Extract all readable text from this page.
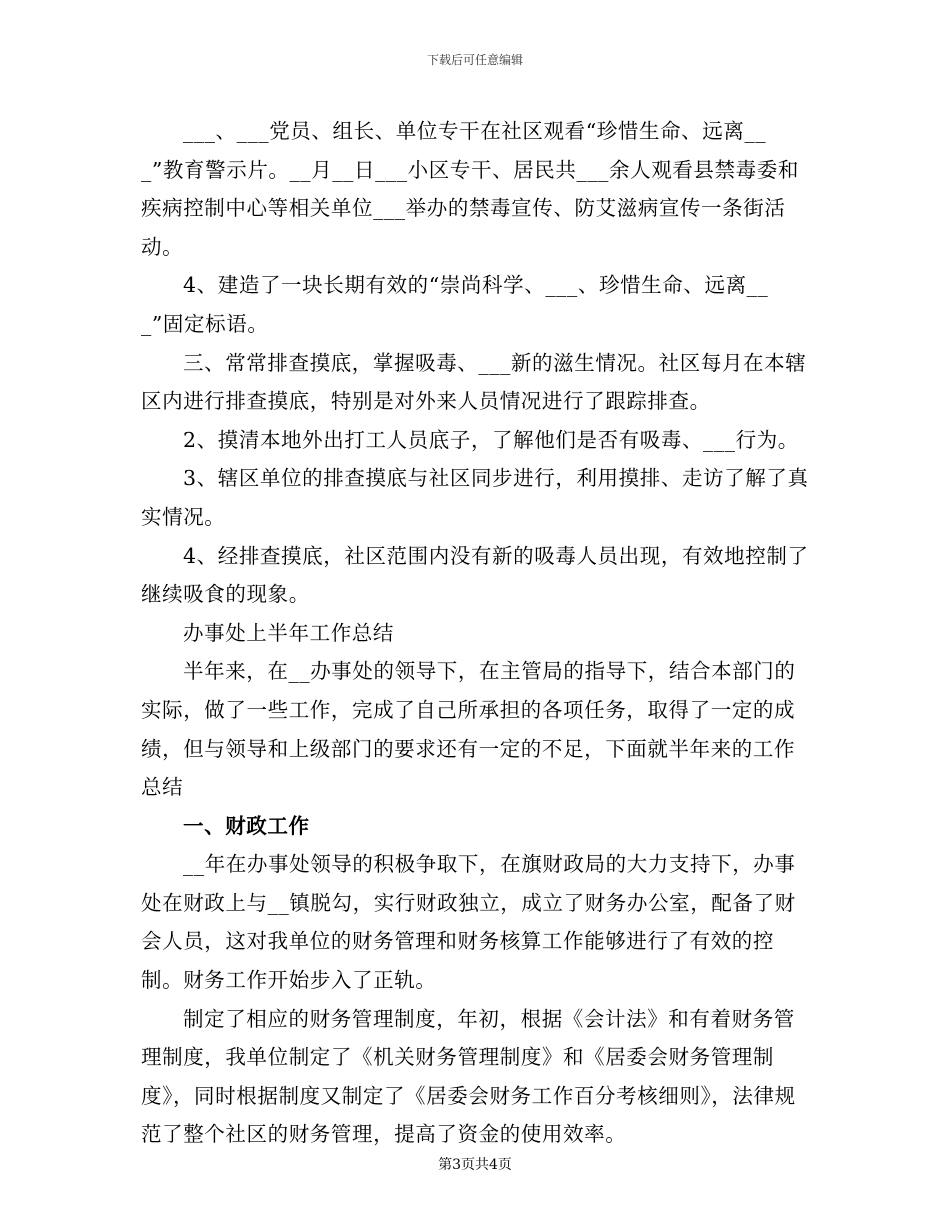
下载后可任意编辑

___、___党员、组长、单位专干在社区观看“珍惜生命、远离___”教育警示片。__月__日___小区专干、居民共___余人观看县禁毒委和疾病控制中心等相关单位___举办的禁毒宣传、防艾滋病宣传一条街活动。

4、建造了一块长期有效的“崇尚科学、___、珍惜生命、远离___”固定标语。

三、常常排查摸底，掌握吸毒、___新的滋生情况。社区每月在本辖区内进行排查摸底，特别是对外来人员情况进行了跟踪排查。

2、摸清本地外出打工人员底子，了解他们是否有吸毒、___行为。

3、辖区单位的排查摸底与社区同步进行，利用摸排、走访了解了真实情况。

4、经排查摸底，社区范围内没有新的吸毒人员出现，有效地控制了继续吸食的现象。

办事处上半年工作总结

半年来，在__办事处的领导下，在主管局的指导下，结合本部门的实际，做了一些工作，完成了自己所承担的各项任务，取得了一定的成绩，但与领导和上级部门的要求还有一定的不足，下面就半年来的工作总结

一、财政工作

__年在办事处领导的积极争取下，在旗财政局的大力支持下，办事处在财政上与__镇脱勾，实行财政独立，成立了财务办公室，配备了财会人员，这对我单位的财务管理和财务核算工作能够进行了有效的控制。财务工作开始步入了正轨。

制定了相应的财务管理制度，年初，根据《会计法》和有着财务管理制度，我单位制定了《机关财务管理制度》和《居委会财务管理制度》，同时根据制度又制定了《居委会财务工作百分考核细则》，法律规范了整个社区的财务管理，提高了资金的使用效率。

第3页共4页
